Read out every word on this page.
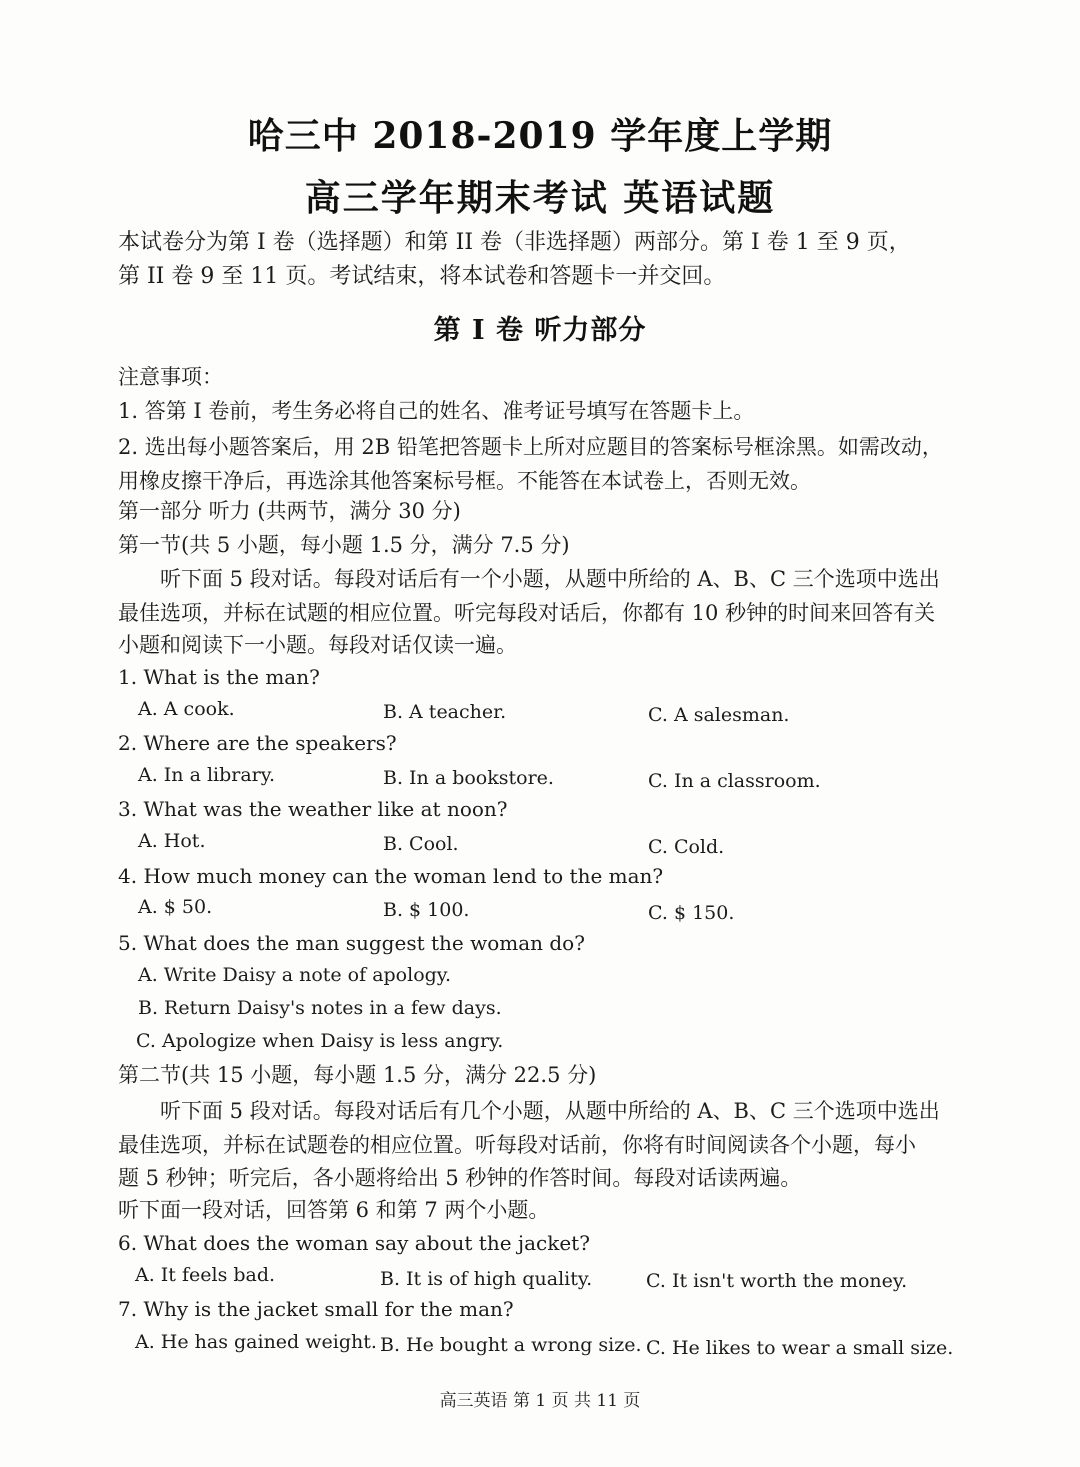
哈三中 2018-2019 学年度上学期
高三学年期末考试 英语试题
本试卷分为第 I 卷（选择题）和第 II 卷（非选择题）两部分。第 I 卷 1 至 9 页，
第 II 卷 9 至 11 页。考试结束，将本试卷和答题卡一并交回。
第 I 卷 听力部分
注意事项：
1. 答第 I 卷前，考生务必将自己的姓名、准考证号填写在答题卡上。
2. 选出每小题答案后，用 2B 铅笔把答题卡上所对应题目的答案标号框涂黑。如需改动，
用橡皮擦干净后，再选涂其他答案标号框。不能答在本试卷上，否则无效。
第一部分 听力 (共两节，满分 30 分)
第一节(共 5 小题，每小题 1.5 分，满分 7.5 分)
听下面 5 段对话。每段对话后有一个小题，从题中所给的 A、B、C 三个选项中选出
最佳选项，并标在试题的相应位置。听完每段对话后，你都有 10 秒钟的时间来回答有关
小题和阅读下一小题。每段对话仅读一遍。
1. What is the man?
A. A cook.	B. A teacher.	C. A salesman.
2. Where are the speakers?
A. In a library.	B. In a bookstore.	C. In a classroom.
3. What was the weather like at noon?
A. Hot.	B. Cool.	C. Cold.
4. How much money can the woman lend to the man?
A. $ 50.	B. $ 100.	C. $ 150.
5. What does the man suggest the woman do?
A. Write Daisy a note of apology.
B. Return Daisy's notes in a few days.
C. Apologize when Daisy is less angry.
第二节(共 15 小题，每小题 1.5 分，满分 22.5 分)
听下面 5 段对话。每段对话后有几个小题，从题中所给的 A、B、C 三个选项中选出
最佳选项，并标在试题卷的相应位置。听每段对话前，你将有时间阅读各个小题，每小
题 5 秒钟；听完后，各小题将给出 5 秒钟的作答时间。每段对话读两遍。
听下面一段对话，回答第 6 和第 7 两个小题。
6. What does the woman say about the jacket?
A. It feels bad.	B. It is of high quality.	C. It isn't worth the money.
7. Why is the jacket small for the man?
A. He has gained weight. B. He bought a wrong size. C. He likes to wear a small size.
高三英语 第 1 页 共 11 页
